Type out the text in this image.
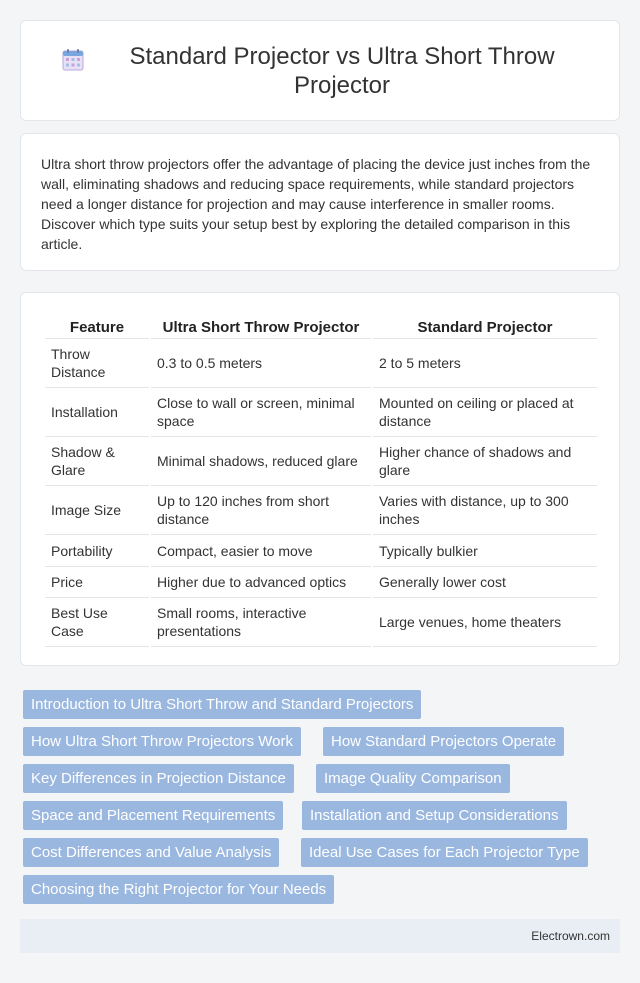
Standard Projector vs Ultra Short Throw Projector

Ultra short throw projectors offer the advantage of placing the device just inches from the wall, eliminating shadows and reducing space requirements, while standard projectors need a longer distance for projection and may cause interference in smaller rooms. Discover which type suits your setup best by exploring the detailed comparison in this article.

Feature	Ultra Short Throw Projector	Standard Projector
Throw Distance	0.3 to 0.5 meters	2 to 5 meters
Installation	Close to wall or screen, minimal space	Mounted on ceiling or placed at distance
Shadow & Glare	Minimal shadows, reduced glare	Higher chance of shadows and glare
Image Size	Up to 120 inches from short distance	Varies with distance, up to 300 inches
Portability	Compact, easier to move	Typically bulkier
Price	Higher due to advanced optics	Generally lower cost
Best Use Case	Small rooms, interactive presentations	Large venues, home theaters
Introduction to Ultra Short Throw and Standard Projectors
How Ultra Short Throw Projectors Work	How Standard Projectors Operate
Key Differences in Projection Distance	Image Quality Comparison
Space and Placement Requirements	Installation and Setup Considerations
Cost Differences and Value Analysis	Ideal Use Cases for Each Projector Type
Choosing the Right Projector for Your Needs
Electrown.com
